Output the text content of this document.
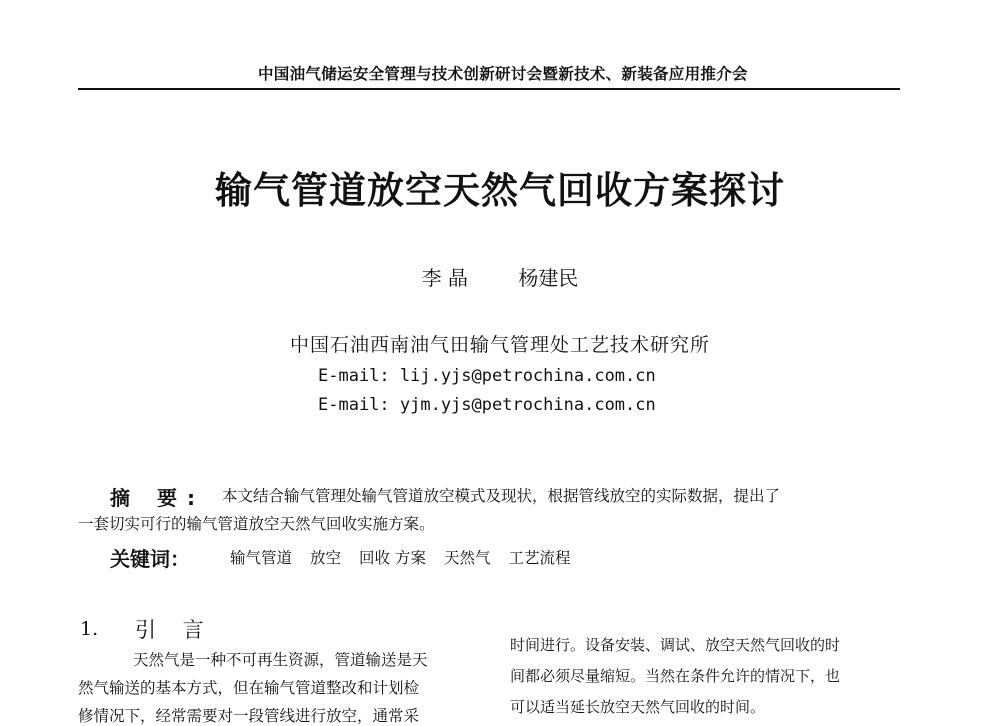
中国油气储运安全管理与技术创新研讨会暨新技术、新装备应用推介会
输气管道放空天然气回收方案探讨
李 晶	杨建民
中国石油西南油气田输气管理处工艺技术研究所
E-mail: lij.yjs@petrochina.com.cn
E-mail: yjm.yjs@petrochina.com.cn
摘 要: 本文结合输气管理处输气管道放空模式及现状，根据管线放空的实际数据，提出了
一套切实可行的输气管道放空天然气回收实施方案。
关键词：	输气管道 放空 回收 方案 天然气 工艺流程
1. 引 言
天然气是一种不可再生资源，管道输送是天
然气输送的基本方式，但在输气管道整改和计划检
修情况下，经常需要对一段管线进行放空，通常采
时间进行。设备安装、调试、放空天然气回收的时
间都必须尽量缩短。当然在条件允许的情况下，也
可以适当延长放空天然气回收的时间。
